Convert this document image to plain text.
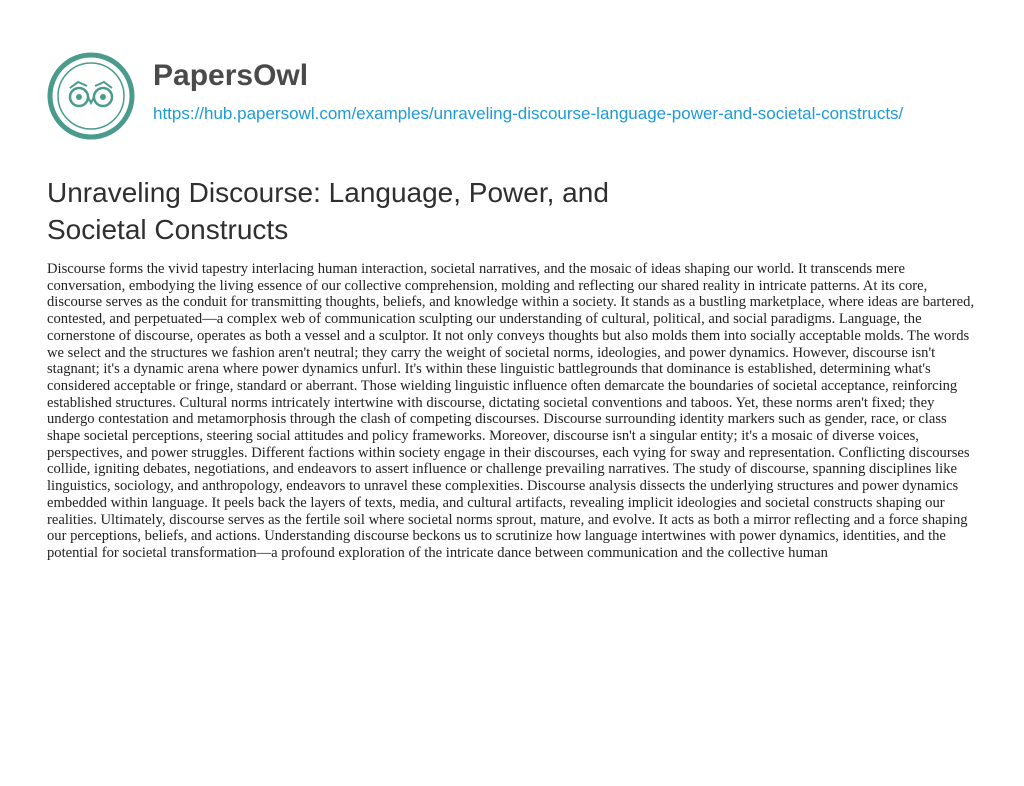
PapersOwl
https://hub.papersowl.com/examples/unraveling-discourse-language-power-and-societal-constructs/
Unraveling Discourse: Language, Power, and Societal Constructs

Discourse forms the vivid tapestry interlacing human interaction, societal narratives, and the mosaic of ideas shaping our world. It transcends mere conversation, embodying the living essence of our collective comprehension, molding and reflecting our shared reality in intricate patterns. At its core, discourse serves as the conduit for transmitting thoughts, beliefs, and knowledge within a society. It stands as a bustling marketplace, where ideas are bartered, contested, and perpetuated—a complex web of communication sculpting our understanding of cultural, political, and social paradigms. Language, the cornerstone of discourse, operates as both a vessel and a sculptor. It not only conveys thoughts but also molds them into socially acceptable molds. The words we select and the structures we fashion aren't neutral; they carry the weight of societal norms, ideologies, and power dynamics. However, discourse isn't stagnant; it's a dynamic arena where power dynamics unfurl. It's within these linguistic battlegrounds that dominance is established, determining what's considered acceptable or fringe, standard or aberrant. Those wielding linguistic influence often demarcate the boundaries of societal acceptance, reinforcing established structures. Cultural norms intricately intertwine with discourse, dictating societal conventions and taboos. Yet, these norms aren't fixed; they undergo contestation and metamorphosis through the clash of competing discourses. Discourse surrounding identity markers such as gender, race, or class shape societal perceptions, steering social attitudes and policy frameworks. Moreover, discourse isn't a singular entity; it's a mosaic of diverse voices, perspectives, and power struggles. Different factions within society engage in their discourses, each vying for sway and representation. Conflicting discourses collide, igniting debates, negotiations, and endeavors to assert influence or challenge prevailing narratives. The study of discourse, spanning disciplines like linguistics, sociology, and anthropology, endeavors to unravel these complexities. Discourse analysis dissects the underlying structures and power dynamics embedded within language. It peels back the layers of texts, media, and cultural artifacts, revealing implicit ideologies and societal constructs shaping our realities. Ultimately, discourse serves as the fertile soil where societal norms sprout, mature, and evolve. It acts as both a mirror reflecting and a force shaping our perceptions, beliefs, and actions. Understanding discourse beckons us to scrutinize how language intertwines with power dynamics, identities, and the potential for societal transformation—a profound exploration of the intricate dance between communication and the collective human
